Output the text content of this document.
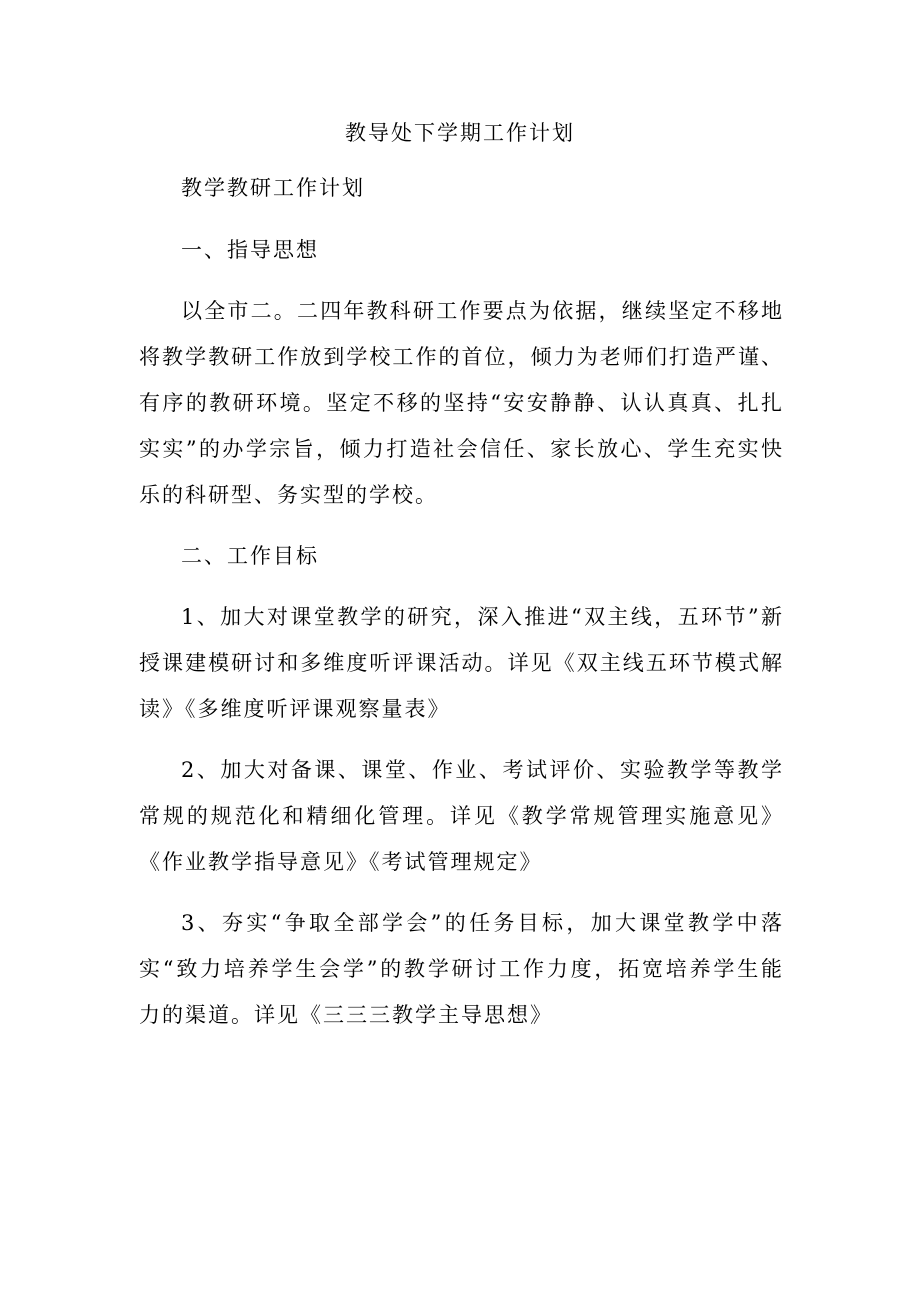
教导处下学期工作计划

教学教研工作计划

一、指导思想

以全市二。二四年教科研工作要点为依据，继续坚定不移地将教学教研工作放到学校工作的首位，倾力为老师们打造严谨、有序的教研环境。坚定不移的坚持“安安静静、认认真真、扎扎实实”的办学宗旨，倾力打造社会信任、家长放心、学生充实快乐的科研型、务实型的学校。

二、工作目标

1、加大对课堂教学的研究，深入推进“双主线，五环节”新授课建模研讨和多维度听评课活动。详见《双主线五环节模式解读》《多维度听评课观察量表》

2、加大对备课、课堂、作业、考试评价、实验教学等教学常规的规范化和精细化管理。详见《教学常规管理实施意见》《作业教学指导意见》《考试管理规定》

3、夯实“争取全部学会”的任务目标，加大课堂教学中落实“致力培养学生会学”的教学研讨工作力度，拓宽培养学生能力的渠道。详见《三三三教学主导思想》
